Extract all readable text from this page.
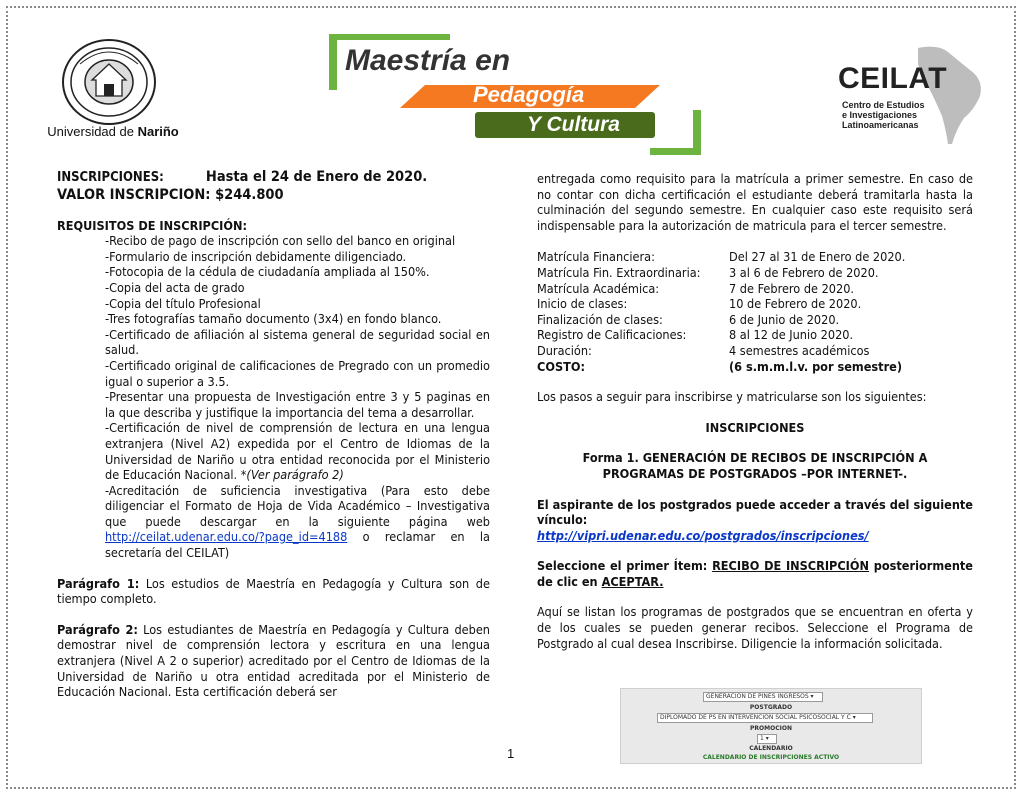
Universidad de Nariño
Maestría en
Pedagogía
Y Cultura
CEILAT
Centro de Estudios
e Investigaciones
Latinoamericanas
INSCRIPCIONES:	Hasta el 24 de Enero de 2020.
VALOR INSCRIPCION: $244.800

REQUISITOS DE INSCRIPCIÓN:

-Recibo de pago de inscripción con sello del banco en original

-Formulario de inscripción debidamente diligenciado.

-Fotocopia de la cédula de ciudadanía ampliada al 150%.

-Copia del acta de grado

-Copia del título Profesional

-Tres fotografías tamaño documento (3x4) en fondo blanco.

-Certificado de afiliación al sistema general de seguridad social en salud.

-Certificado original de calificaciones de Pregrado con un promedio igual o superior a 3.5.

-Presentar una propuesta de Investigación entre 3 y 5 paginas en la que describa y justifique la importancia del tema a desarrollar.

-Certificación de nivel de comprensión de lectura en una lengua extranjera (Nivel A2) expedida por el Centro de Idiomas de la Universidad de Nariño u otra entidad reconocida por el Ministerio de Educación Nacional. *(Ver parágrafo 2)

-Acreditación de suficiencia investigativa (Para esto debe diligenciar el Formato de Hoja de Vida Académico – Investigativa que puede descargar en la siguiente página web http://ceilat.udenar.edu.co/?page_id=4188 o reclamar en la secretaría del CEILAT)

Parágrafo 1: Los estudios de Maestría en Pedagogía y Cultura son de tiempo completo.

Parágrafo 2: Los estudiantes de Maestría en Pedagogía y Cultura deben demostrar nivel de comprensión lectora y escritura en una lengua extranjera (Nivel A 2 o superior) acreditado por el Centro de Idiomas de la Universidad de Nariño u otra entidad acreditada por el Ministerio de Educación Nacional. Esta certificación deberá ser

entregada como requisito para la matrícula a primer semestre. En caso de no contar con dicha certificación el estudiante deberá tramitarla hasta la culminación del segundo semestre. En cualquier caso este requisito será indispensable para la autorización de matricula para el tercer semestre.

Matrícula Financiera:	Del 27 al 31 de Enero de 2020.
Matrícula Fin. Extraordinaria:	3 al 6 de Febrero de 2020.
Matrícula Académica:	7 de Febrero de 2020.
Inicio de clases:	10 de Febrero de 2020.
Finalización de clases:	6 de Junio de 2020.
Registro de Calificaciones:	8 al 12 de Junio 2020.
Duración:	4 semestres académicos
COSTO:	(6 s.m.m.l.v. por semestre)

Los pasos a seguir para inscribirse y matricularse son los siguientes:

INSCRIPCIONES

Forma 1. GENERACIÓN DE RECIBOS DE INSCRIPCIÓN A PROGRAMAS DE POSTGRADOS –POR INTERNET-.

El aspirante de los postgrados puede acceder a través del siguiente vínculo:

http://vipri.udenar.edu.co/postgrados/inscripciones/

Seleccione el primer Ítem: RECIBO DE INSCRIPCIÓN posteriormente de clic en ACEPTAR.

Aquí se listan los programas de postgrados que se encuentran en oferta y de los cuales se pueden generar recibos. Seleccione el Programa de Postgrado al cual desea Inscribirse. Diligencie la información solicitada.

GENERACIÓN DE PINES INGRESOS ▾
POSTGRADO
DIPLOMADO DE PS EN INTERVENCION SOCIAL PSICOSOCIAL Y C ▾
PROMOCION
1 ▾
CALENDARIO
CALENDARIO DE INSCRIPCIONES ACTIVO
1
